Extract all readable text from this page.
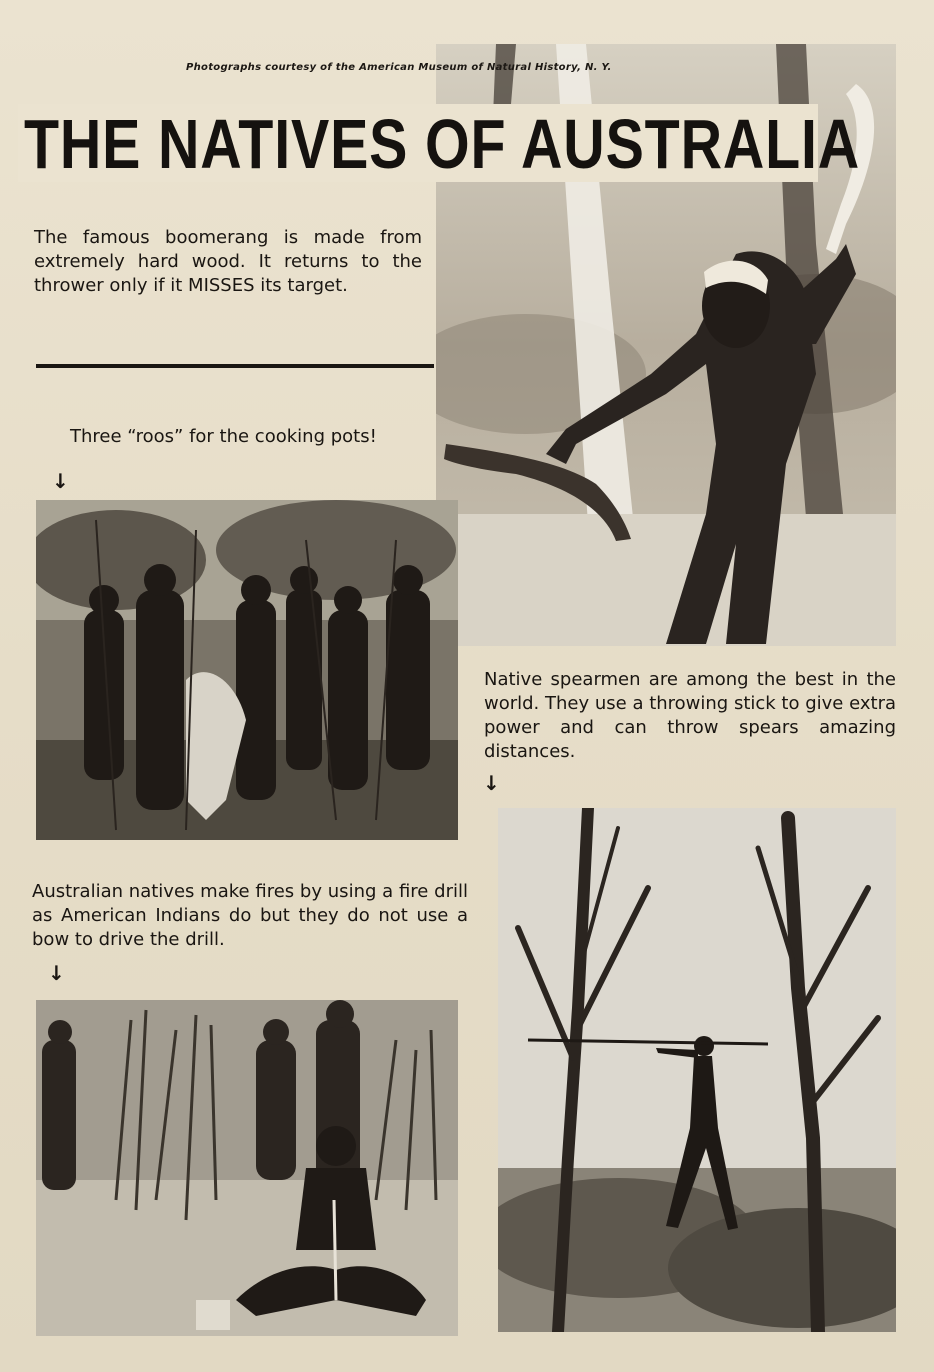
Photographs courtesy of the American Museum of Natural History, N. Y.
THE NATIVES OF AUSTRALIA
The famous boomerang is made from extremely hard wood. It returns to the thrower only if it MISSES its target.
Three “roos” for the cooking pots!
↓
Native spearmen are among the best in the world. They use a throwing stick to give extra power and can throw spears amazing distances.
↓
Australian natives make fires by using a fire drill as American Indians do but they do not use a bow to drive the drill.
↓
